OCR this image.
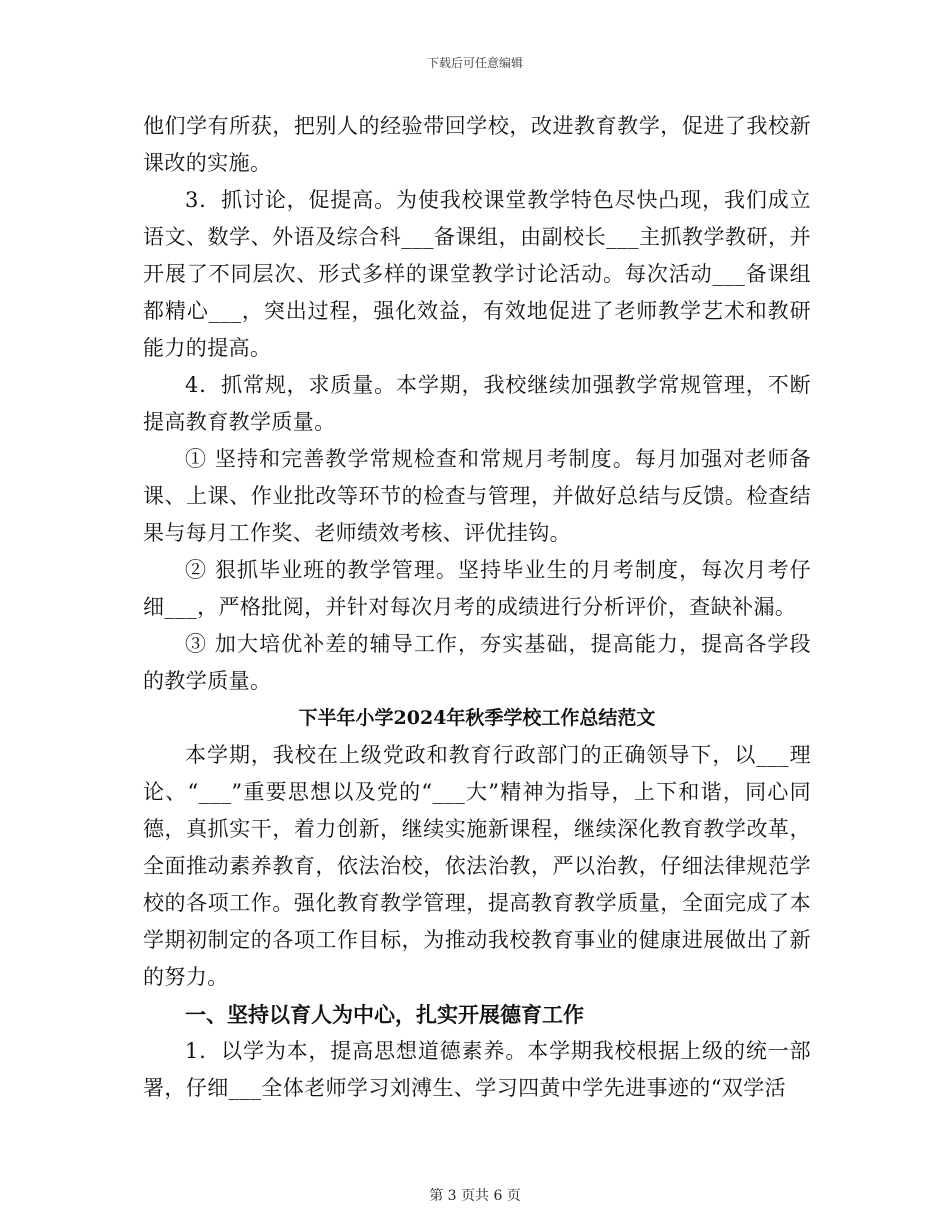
下载后可任意编辑

他们学有所获，把别人的经验带回学校，改进教育教学，促进了我校新课改的实施。

3．抓讨论，促提高。为使我校课堂教学特色尽快凸现，我们成立语文、数学、外语及综合科___备课组，由副校长___主抓教学教研，并开展了不同层次、形式多样的课堂教学讨论活动。每次活动___备课组都精心___，突出过程，强化效益，有效地促进了老师教学艺术和教研能力的提高。

4．抓常规，求质量。本学期，我校继续加强教学常规管理，不断提高教育教学质量。

① 坚持和完善教学常规检查和常规月考制度。每月加强对老师备课、上课、作业批改等环节的检查与管理，并做好总结与反馈。检查结果与每月工作奖、老师绩效考核、评优挂钩。

② 狠抓毕业班的教学管理。坚持毕业生的月考制度，每次月考仔细___，严格批阅，并针对每次月考的成绩进行分析评价，查缺补漏。

③ 加大培优补差的辅导工作，夯实基础，提高能力，提高各学段的教学质量。

下半年小学2024年秋季学校工作总结范文

本学期，我校在上级党政和教育行政部门的正确领导下，以___理论、“___”重要思想以及党的“___大”精神为指导，上下和谐，同心同德，真抓实干，着力创新，继续实施新课程，继续深化教育教学改革，全面推动素养教育，依法治校，依法治教，严以治教，仔细法律规范学校的各项工作。强化教育教学管理，提高教育教学质量，全面完成了本学期初制定的各项工作目标，为推动我校教育事业的健康进展做出了新的努力。

一、坚持以育人为中心，扎实开展德育工作

1．以学为本，提高思想道德素养。本学期我校根据上级的统一部署，仔细___全体老师学习刘溥生、学习四黄中学先进事迹的“双学活

第 3 页共 6 页
